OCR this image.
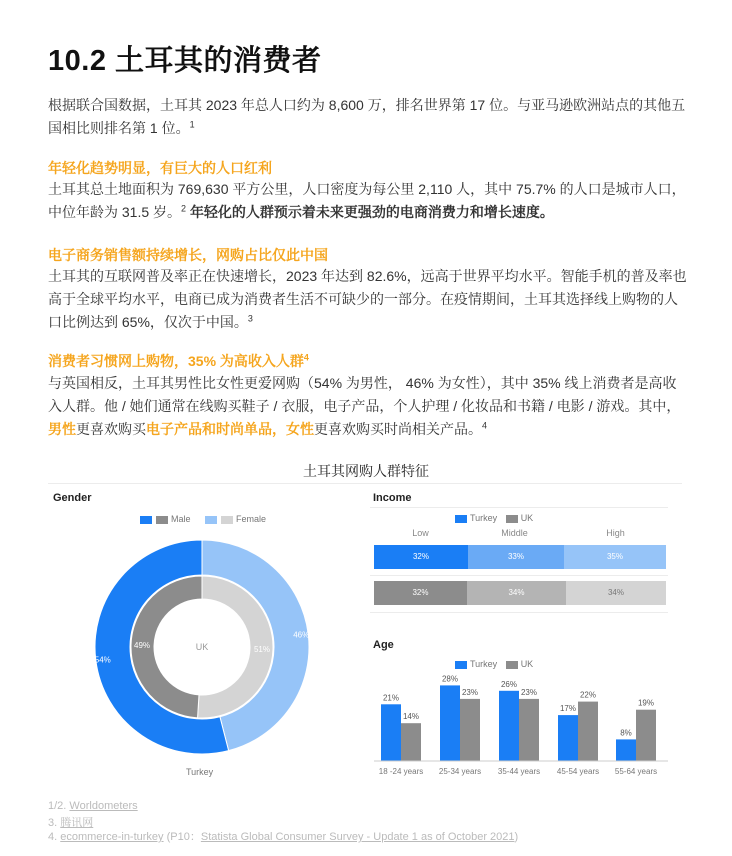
10.2 土耳其的消费者
根据联合国数据，土耳其 2023 年总人口约为 8,600 万，排名世界第 17 位。与亚马逊欧洲站点的其他五国相比则排名第 1 位。$^1$
年轻化趋势明显，有巨大的人口红利
土耳其总土地面积为 769,630 平方公里，人口密度为每公里 2,110 人，其中 75.7% 的人口是城市人口，中位年龄为 31.5 岁。$^2$ 年轻化的人群预示着未来更强劲的电商消费力和增长速度。
电子商务销售额持续增长，网购占比仅此中国
土耳其的互联网普及率正在快速增长，2023 年达到 82.6%，远高于世界平均水平。智能手机的普及率也高于全球平均水平，电商已成为消费者生活不可缺少的一部分。在疫情期间，土耳其选择线上购物的人口比例达到 65%，仅次于中国。$^3$
消费者习惯网上购物，35% 为高收入人群$^4$
与英国相反，土耳其男性比女性更爱网购（54% 为男性， 46% 为女性），其中 35% 线上消费者是高收入人群。他 / 她们通常在线购买鞋子 / 衣服，电子产品，个人护理 / 化妆品和书籍 / 电影 / 游戏。其中，男性更喜欢购买电子产品和时尚单品，女性更喜欢购买时尚相关产品。$^4$
土耳其网购人群特征
Gender
Male	Female
46%
54%
51%
49%	UK
Turkey
Income
Turkey	UK
Low	Middle	High
32%	33%	35%
32%	34%	34%
Age
Turkey	UK
21%
14%
18 -24 years
28%
23%
25-34 years
26%
23%
35-44 years
17%
22%
45-54 years
8%
19%
55-64 years
1/2. Worldometers
3. 腾讯网
4. ecommerce-in-turkey (P10：Statista Global Consumer Survey - Update 1 as of October 2021)
